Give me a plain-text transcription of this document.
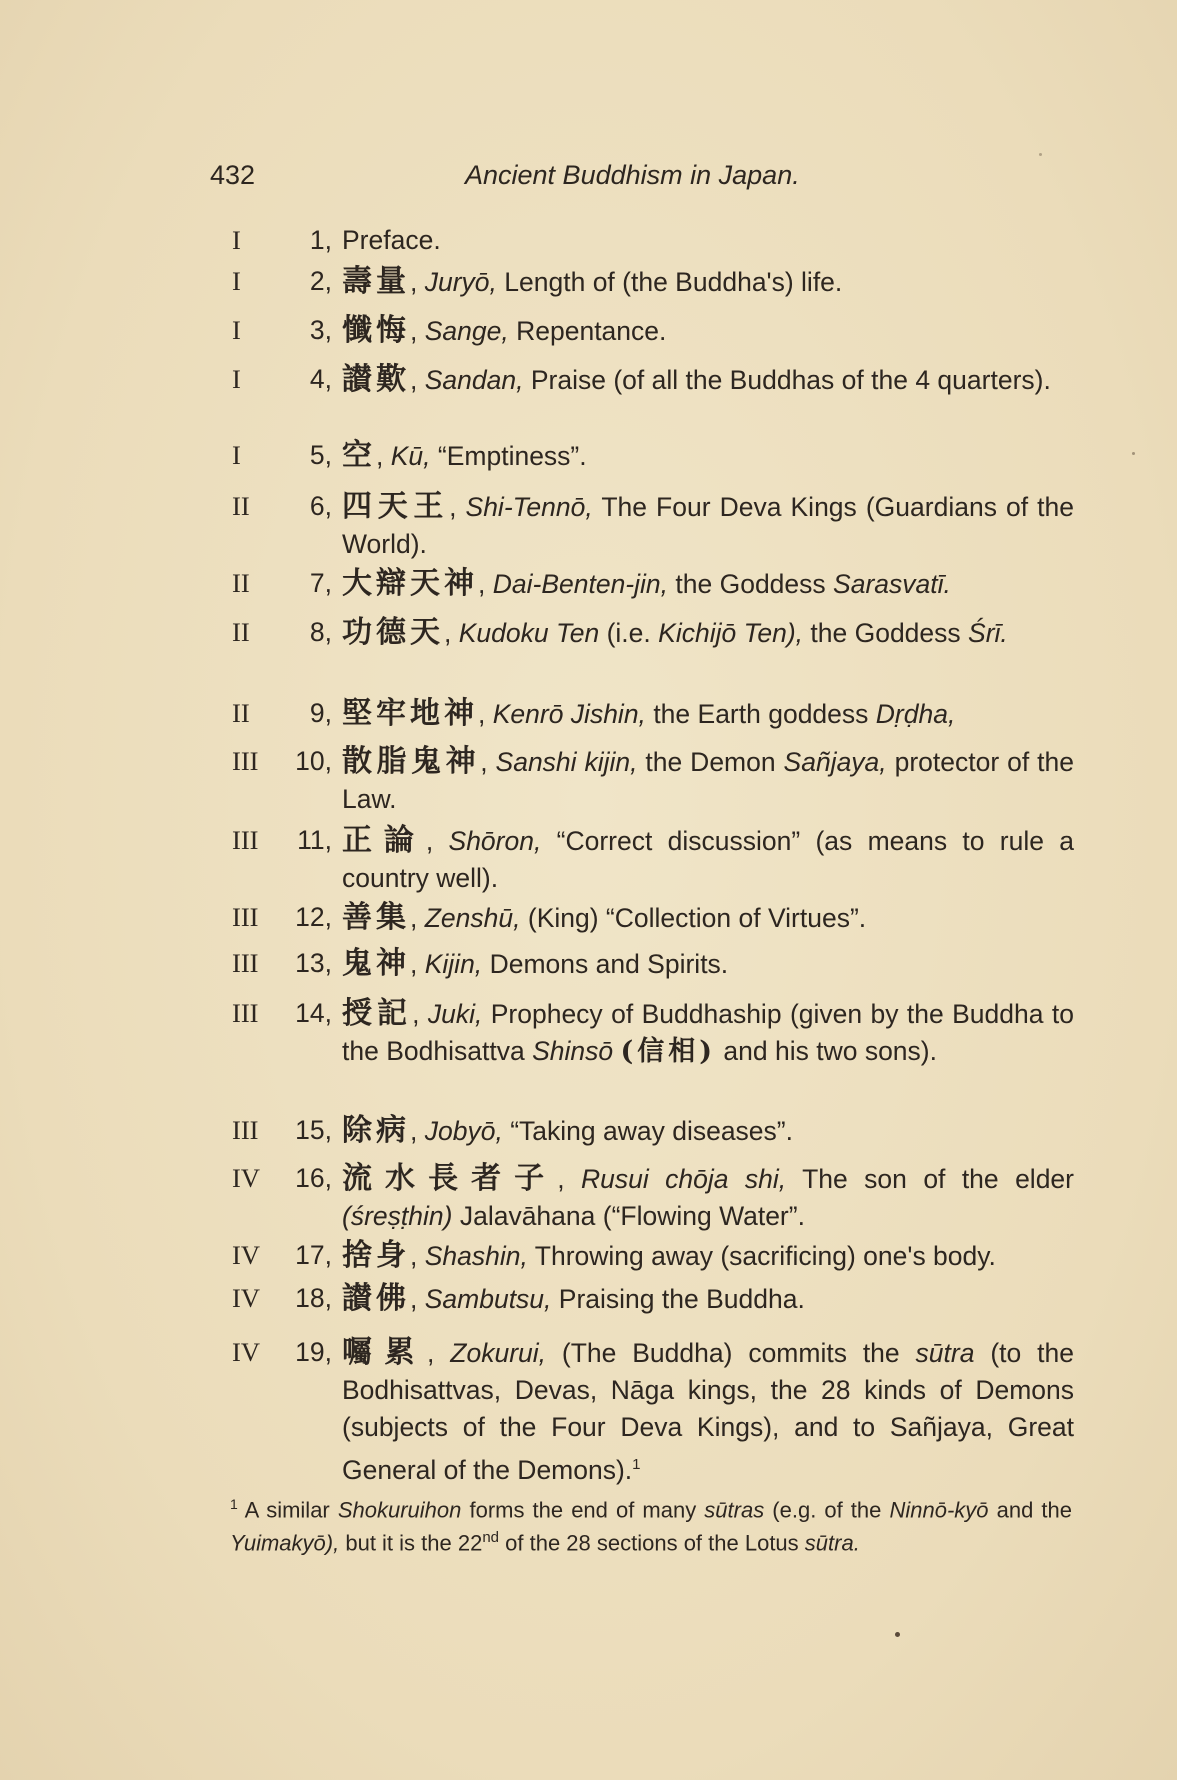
432	Ancient Buddhism in Japan.
I	1, Preface.
I	2, 壽量, Juryō, Length of (the Buddha's) life.
I	3, 懺悔, Sange, Repentance.
I	4, 讃歎, Sandan, Praise (of all the Buddhas of the 4 quarters).
I	5, 空, Kū, “Emptiness”.
II	6, 四天王, Shi-Tennō, The Four Deva Kings (Guardians of the World).
II	7, 大辯天神, Dai-Benten-jin, the Goddess Sarasvatī.
II	8, 功德天, Kudoku Ten (i.e. Kichijō Ten), the Goddess Śrī.
II	9, 堅牢地神, Kenrō Jishin, the Earth goddess Dṛḍha,
III	10, 散脂鬼神, Sanshi kijin, the Demon Sañjaya, protector of the Law.
III	11, 正論, Shōron, “Correct discussion” (as means to rule a country well).
III	12, 善集, Zenshū, (King) “Collection of Virtues”.
III	13, 鬼神, Kijin, Demons and Spirits.
III	14, 授記, Juki, Prophecy of Buddhaship (given by the Buddha to the Bodhisattva Shinsō (信相) and his two sons).
III	15, 除病, Jobyō, “Taking away diseases”.
IV	16, 流水長者子, Rusui chōja shi, The son of the elder (śreṣṭhin) Jalavāhana (“Flowing Water”.
IV	17, 捨身, Shashin, Throwing away (sacrificing) one's body.
IV	18, 讃佛, Sambutsu, Praising the Buddha.
IV	19, 囑累, Zokurui, (The Buddha) commits the sūtra (to the Bodhisattvas, Devas, Nāga kings, the 28 kinds of Demons (subjects of the Four Deva Kings), and to Sañjaya, Great General of the Demons).$^1$
$^1$ A similar Shokuruihon forms the end of many sūtras (e.g. of the Ninnō-kyō and the Yuimakyō), but it is the 22nd of the 28 sections of the Lotus sūtra.
